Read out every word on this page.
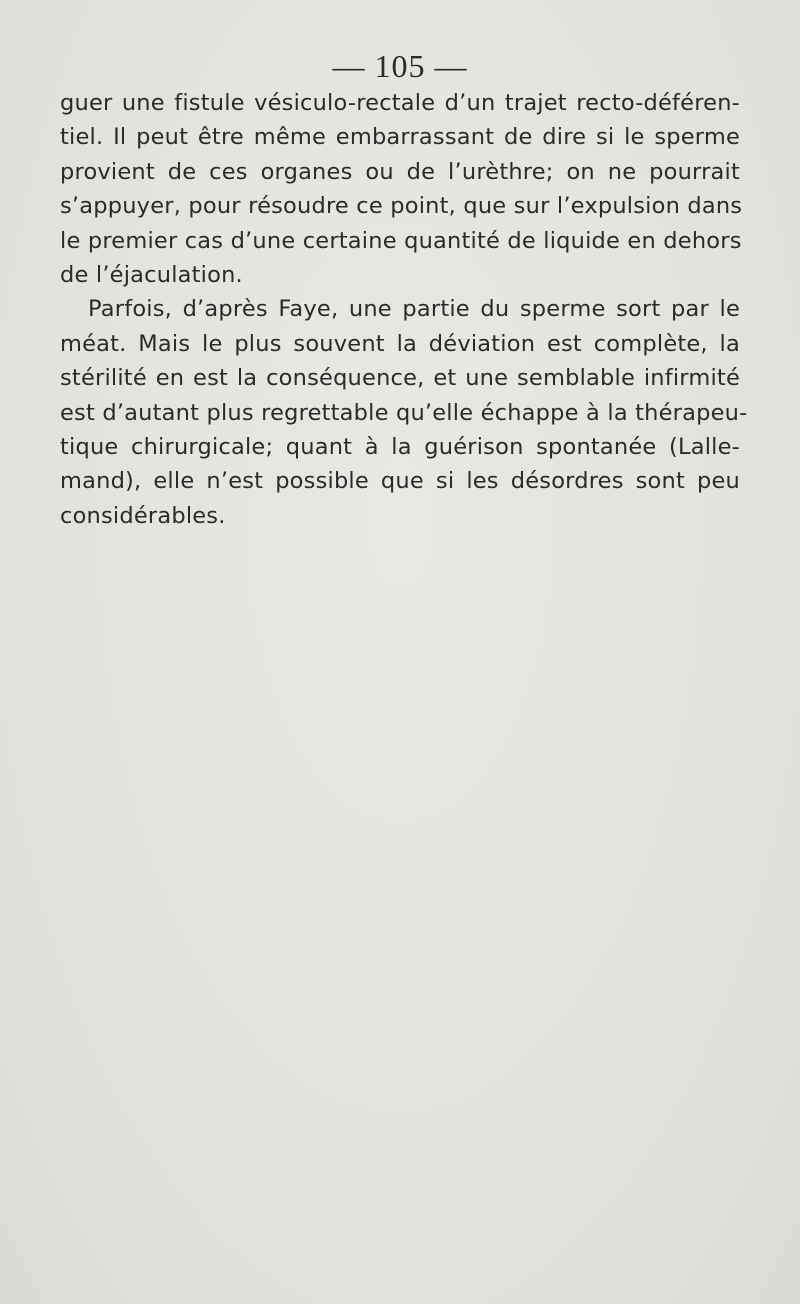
— 105 —
guer une fistule vésiculo-rectale d’un trajet recto-déféren-
tiel. Il peut être même embarrassant de dire si le sperme
provient de ces organes ou de l’urèthre; on ne pourrait
s’appuyer, pour résoudre ce point, que sur l’expulsion dans
le premier cas d’une certaine quantité de liquide en dehors
de l’éjaculation.
Parfois, d’après Faye, une partie du sperme sort par le
méat. Mais le plus souvent la déviation est complète, la
stérilité en est la conséquence, et une semblable infirmité
est d’autant plus regrettable qu’elle échappe à la thérapeu-
tique chirurgicale; quant à la guérison spontanée (Lalle-
mand), elle n’est possible que si les désordres sont peu
considérables.
